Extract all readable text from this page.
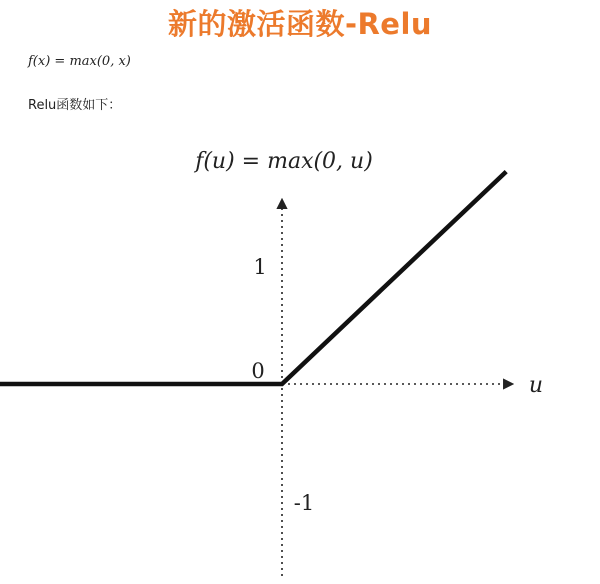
新的激活函数-Relu
f(x) = max(0, x)
Relu函数如下：
f(u) = max(0, u)
1
0
-1
u
